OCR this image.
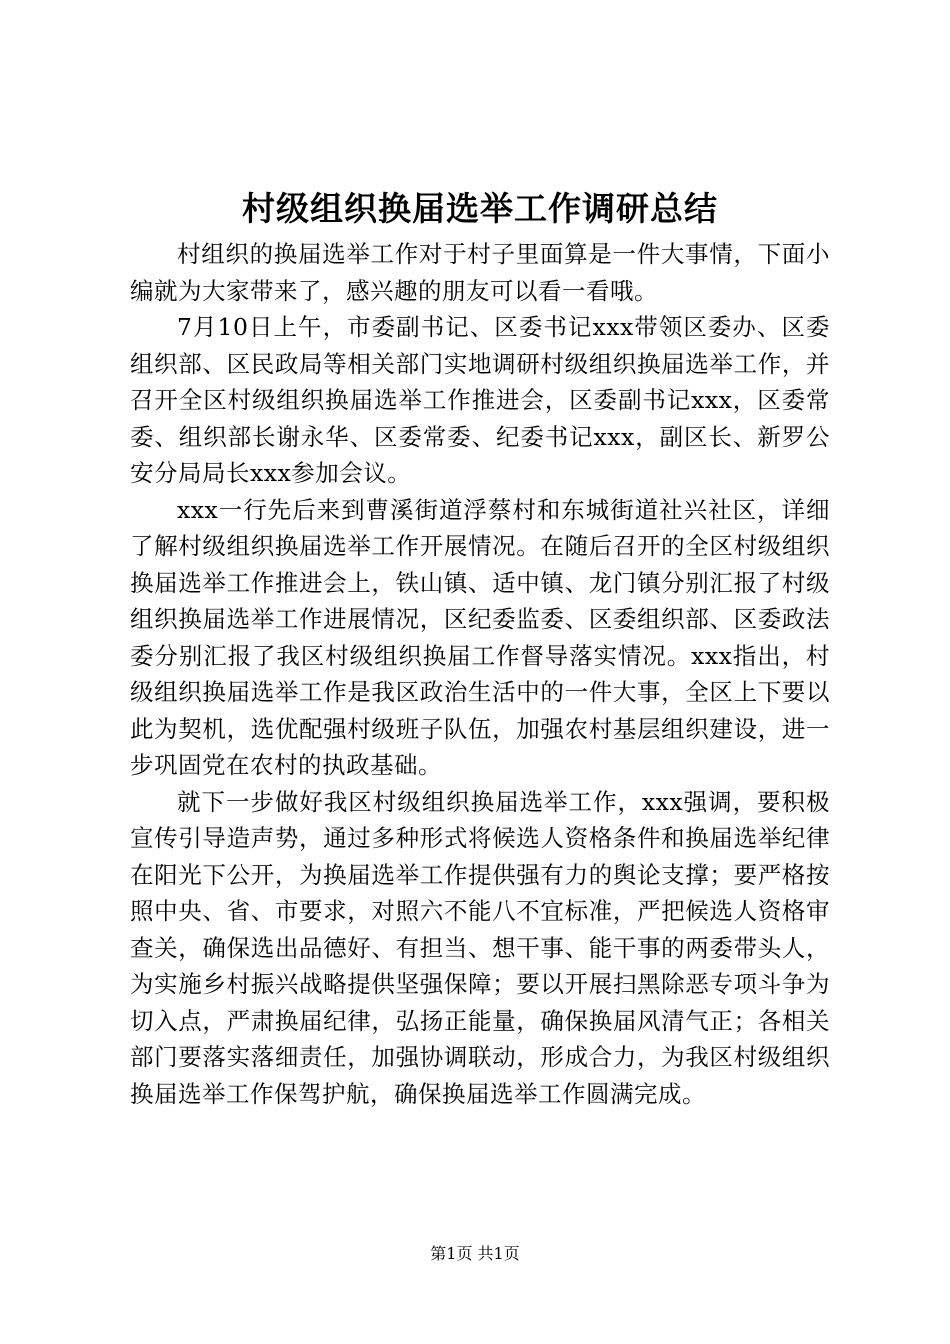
村级组织换届选举工作调研总结

村组织的换届选举工作对于村子里面算是一件大事情，下面小编就为大家带来了，感兴趣的朋友可以看一看哦。

7月10日上午，市委副书记、区委书记xxx带领区委办、区委组织部、区民政局等相关部门实地调研村级组织换届选举工作，并召开全区村级组织换届选举工作推进会，区委副书记xxx，区委常委、组织部长谢永华、区委常委、纪委书记xxx，副区长、新罗公安分局局长xxx参加会议。

xxx一行先后来到曹溪街道浮蔡村和东城街道社兴社区，详细了解村级组织换届选举工作开展情况。在随后召开的全区村级组织换届选举工作推进会上，铁山镇、适中镇、龙门镇分别汇报了村级组织换届选举工作进展情况，区纪委监委、区委组织部、区委政法委分别汇报了我区村级组织换届工作督导落实情况。xxx指出，村级组织换届选举工作是我区政治生活中的一件大事，全区上下要以此为契机，选优配强村级班子队伍，加强农村基层组织建设，进一步巩固党在农村的执政基础。

就下一步做好我区村级组织换届选举工作，xxx强调，要积极宣传引导造声势，通过多种形式将候选人资格条件和换届选举纪律在阳光下公开，为换届选举工作提供强有力的舆论支撑；要严格按照中央、省、市要求，对照六不能八不宜标准，严把候选人资格审查关，确保选出品德好、有担当、想干事、能干事的两委带头人，为实施乡村振兴战略提供坚强保障；要以开展扫黑除恶专项斗争为切入点，严肃换届纪律，弘扬正能量，确保换届风清气正；各相关部门要落实落细责任，加强协调联动，形成合力，为我区村级组织换届选举工作保驾护航，确保换届选举工作圆满完成。

第1页 共1页
